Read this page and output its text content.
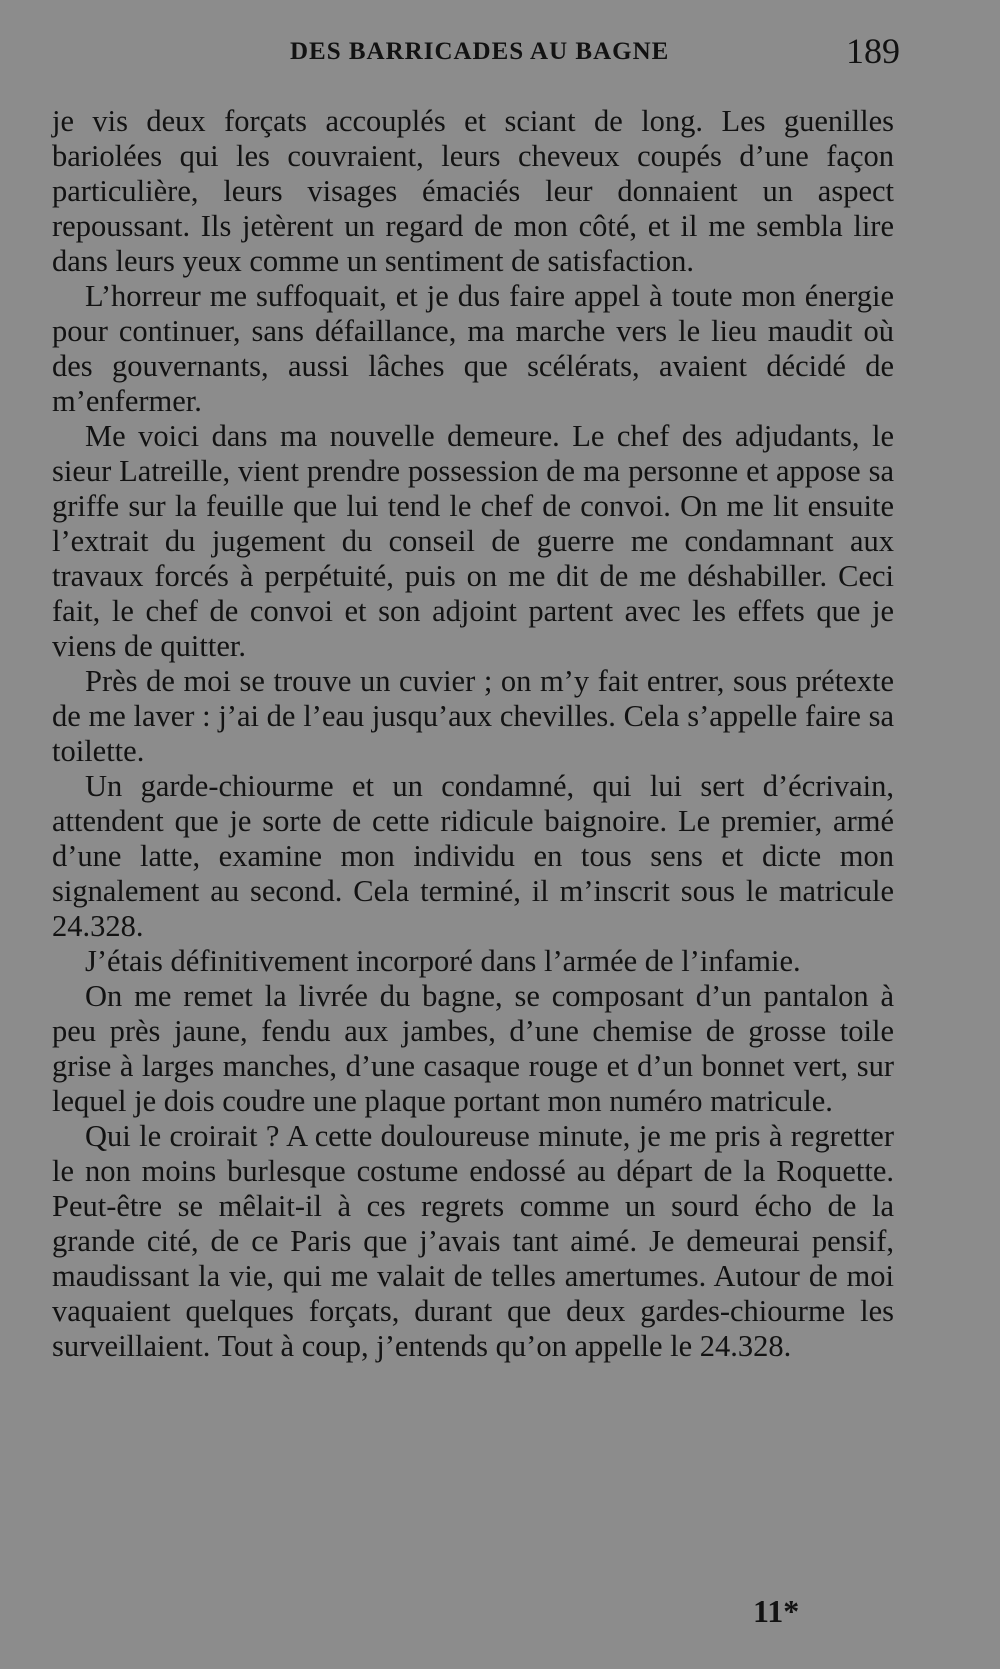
DES BARRICADES AU BAGNE	189

je vis deux forçats accouplés et sciant de long. Les guenilles bariolées qui les couvraient, leurs cheveux coupés d’une façon particulière, leurs visages émaciés leur donnaient un aspect repoussant. Ils jetèrent un regard de mon côté, et il me sembla lire dans leurs yeux comme un sentiment de satisfaction.

L’horreur me suffoquait, et je dus faire appel à toute mon énergie pour continuer, sans défaillance, ma marche vers le lieu maudit où des gouvernants, aussi lâches que scélérats, avaient décidé de m’enfermer.

Me voici dans ma nouvelle demeure. Le chef des adjudants, le sieur Latreille, vient prendre possession de ma personne et appose sa griffe sur la feuille que lui tend le chef de convoi. On me lit ensuite l’extrait du jugement du conseil de guerre me condamnant aux travaux forcés à perpétuité, puis on me dit de me déshabiller. Ceci fait, le chef de convoi et son adjoint partent avec les effets que je viens de quitter.

Près de moi se trouve un cuvier ; on m’y fait entrer, sous prétexte de me laver : j’ai de l’eau jusqu’aux chevilles. Cela s’appelle faire sa toilette.

Un garde-chiourme et un condamné, qui lui sert d’écrivain, attendent que je sorte de cette ridicule baignoire. Le premier, armé d’une latte, examine mon individu en tous sens et dicte mon signalement au second. Cela terminé, il m’inscrit sous le matricule 24.328.

J’étais définitivement incorporé dans l’armée de l’infamie.

On me remet la livrée du bagne, se composant d’un pantalon à peu près jaune, fendu aux jambes, d’une chemise de grosse toile grise à larges manches, d’une casaque rouge et d’un bonnet vert, sur lequel je dois coudre une plaque portant mon numéro matricule.

Qui le croirait ? A cette douloureuse minute, je me pris à regretter le non moins burlesque costume endossé au départ de la Roquette. Peut-être se mêlait-il à ces regrets comme un sourd écho de la grande cité, de ce Paris que j’avais tant aimé. Je demeurai pensif, maudissant la vie, qui me valait de telles amertumes. Autour de moi vaquaient quelques forçats, durant que deux gardes-chiourme les surveillaient. Tout à coup, j’entends qu’on appelle le 24.328.

11*
